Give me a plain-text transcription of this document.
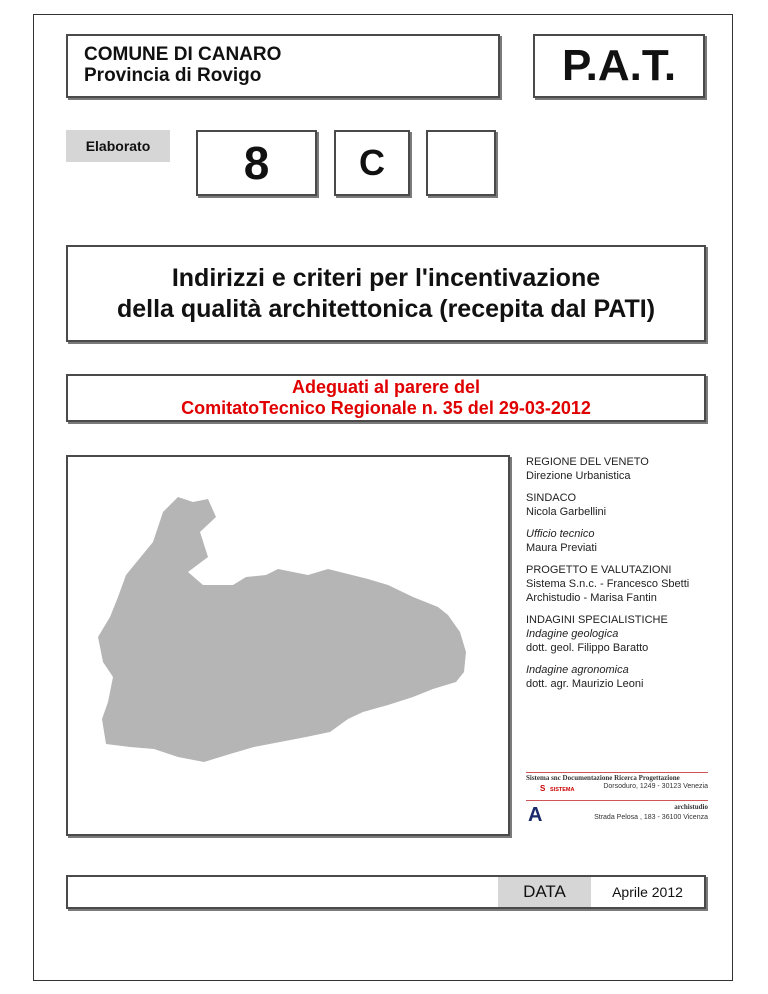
COMUNE DI CANARO
Provincia di Rovigo	P.A.T.
Elaborato	8	C
Indirizzi e criteri per l'incentivazione
della qualità architettonica (recepita dal PATI)
Adeguati al parere del
ComitatoTecnico Regionale n. 35 del 29-03-2012
REGIONE DEL VENETO
Direzione Urbanistica
SINDACO
Nicola Garbellini
Ufficio tecnico
Maura Previati
PROGETTO E VALUTAZIONI
Sistema S.n.c. - Francesco Sbetti
Archistudio - Marisa Fantin
INDAGINI SPECIALISTICHE
Indagine geologica
dott. geol. Filippo Baratto
Indagine agronomica
dott. agr. Maurizio Leoni
Sistema snc Documentazione Ricerca Progettazione
S SISTEMA	Dorsoduro, 1249 - 30123 Venezia
archistudio
A	Strada Pelosa , 183 - 36100 Vicenza
DATA	Aprile 2012
